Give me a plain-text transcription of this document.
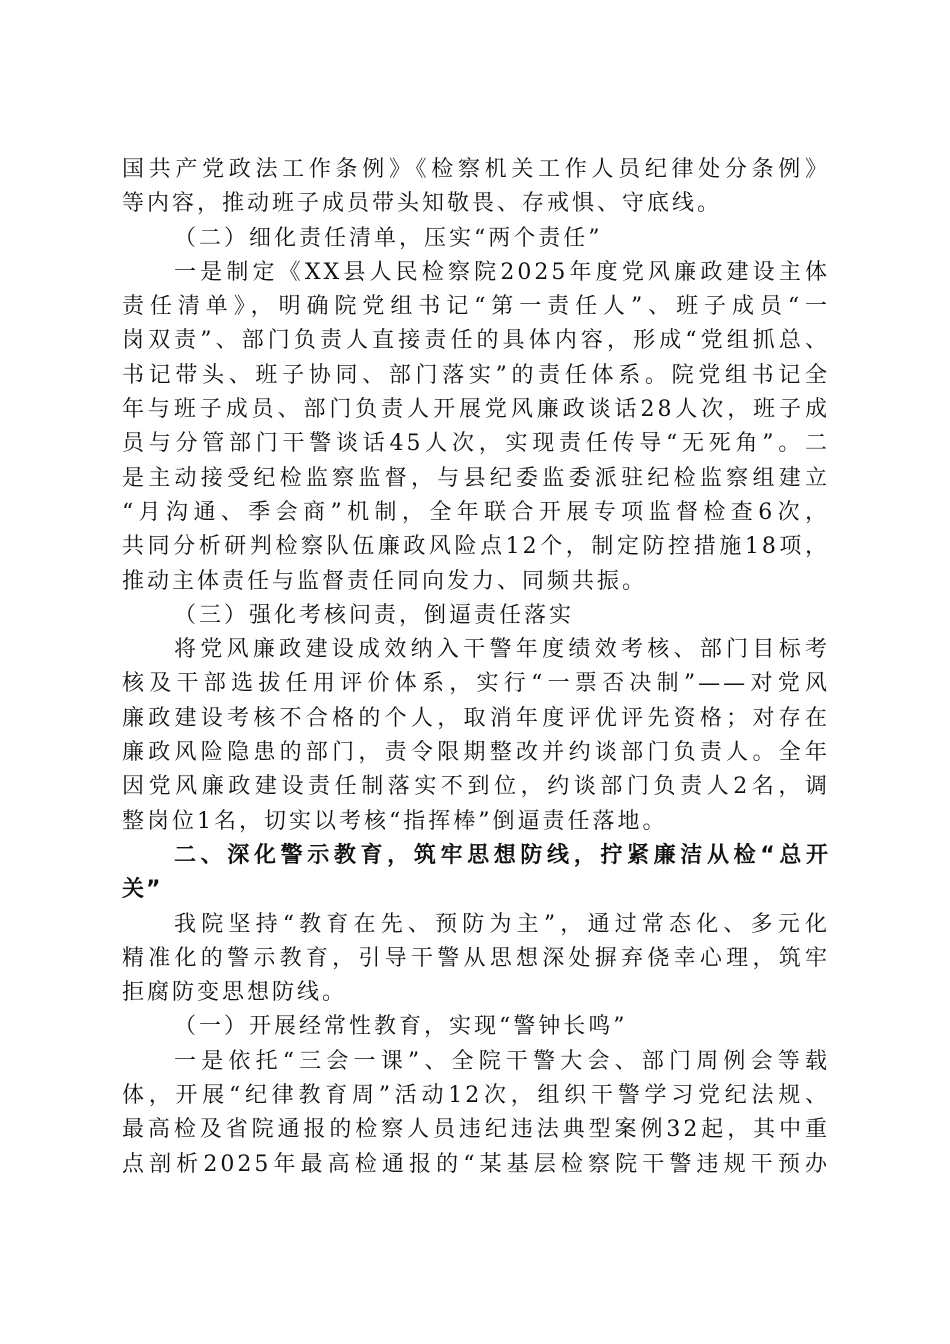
国共产党政法工作条例》《检察机关工作人员纪律处分条例》
等内容，推动班子成员带头知敬畏、存戒惧、守底线。
（二）细化责任清单，压实“两个责任”
一是制定《XX县人民检察院2025年度党风廉政建设主体
责任清单》，明确院党组书记“第一责任人”、班子成员“一
岗双责”、部门负责人直接责任的具体内容，形成“党组抓总、
书记带头、班子协同、部门落实”的责任体系。院党组书记全
年与班子成员、部门负责人开展党风廉政谈话28人次，班子成
员与分管部门干警谈话45人次，实现责任传导“无死角”。二
是主动接受纪检监察监督，与县纪委监委派驻纪检监察组建立
“月沟通、季会商”机制，全年联合开展专项监督检查6次，
共同分析研判检察队伍廉政风险点12个，制定防控措施18项，
推动主体责任与监督责任同向发力、同频共振。
（三）强化考核问责，倒逼责任落实
将党风廉政建设成效纳入干警年度绩效考核、部门目标考
核及干部选拔任用评价体系，实行“一票否决制”——对党风
廉政建设考核不合格的个人，取消年度评优评先资格；对存在
廉政风险隐患的部门，责令限期整改并约谈部门负责人。全年
因党风廉政建设责任制落实不到位，约谈部门负责人2名，调
整岗位1名，切实以考核“指挥棒”倒逼责任落地。
二、深化警示教育，筑牢思想防线，拧紧廉洁从检“总开
关”
我院坚持“教育在先、预防为主”，通过常态化、多元化
精准化的警示教育，引导干警从思想深处摒弃侥幸心理，筑牢
拒腐防变思想防线。
（一）开展经常性教育，实现“警钟长鸣”
一是依托“三会一课”、全院干警大会、部门周例会等载
体，开展“纪律教育周”活动12次，组织干警学习党纪法规、
最高检及省院通报的检察人员违纪违法典型案例32起，其中重
点剖析2025年最高检通报的“某基层检察院干警违规干预办
